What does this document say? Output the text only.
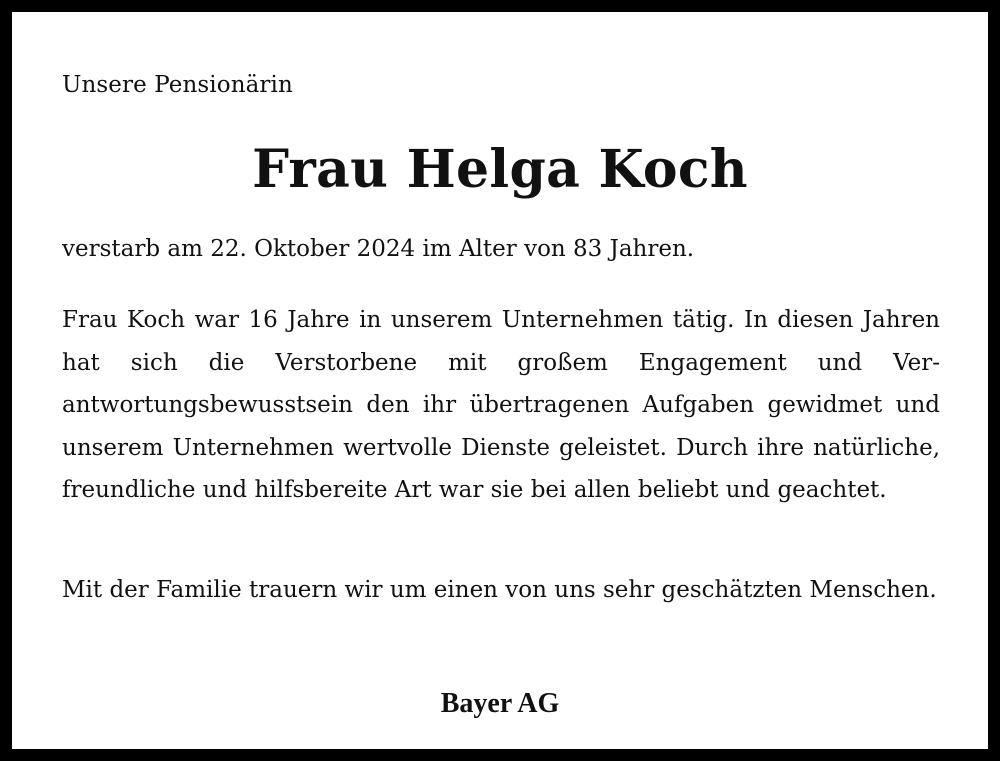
Unsere Pensionärin

Frau Helga Koch

verstarb am 22. Oktober 2024 im Alter von 83 Jahren.

Frau Koch war 16 Jahre in unserem Unternehmen tätig. In diesen Jahren hat sich die Verstorbene mit großem Engagement und Verantwortungsbewusstsein den ihr übertragenen Aufgaben gewidmet und unserem Unternehmen wertvolle Dienste geleistet. Durch ihre natürliche, freundliche und hilfsbereite Art war sie bei allen beliebt und geachtet.

Mit der Familie trauern wir um einen von uns sehr geschätzten Menschen.

Bayer AG
